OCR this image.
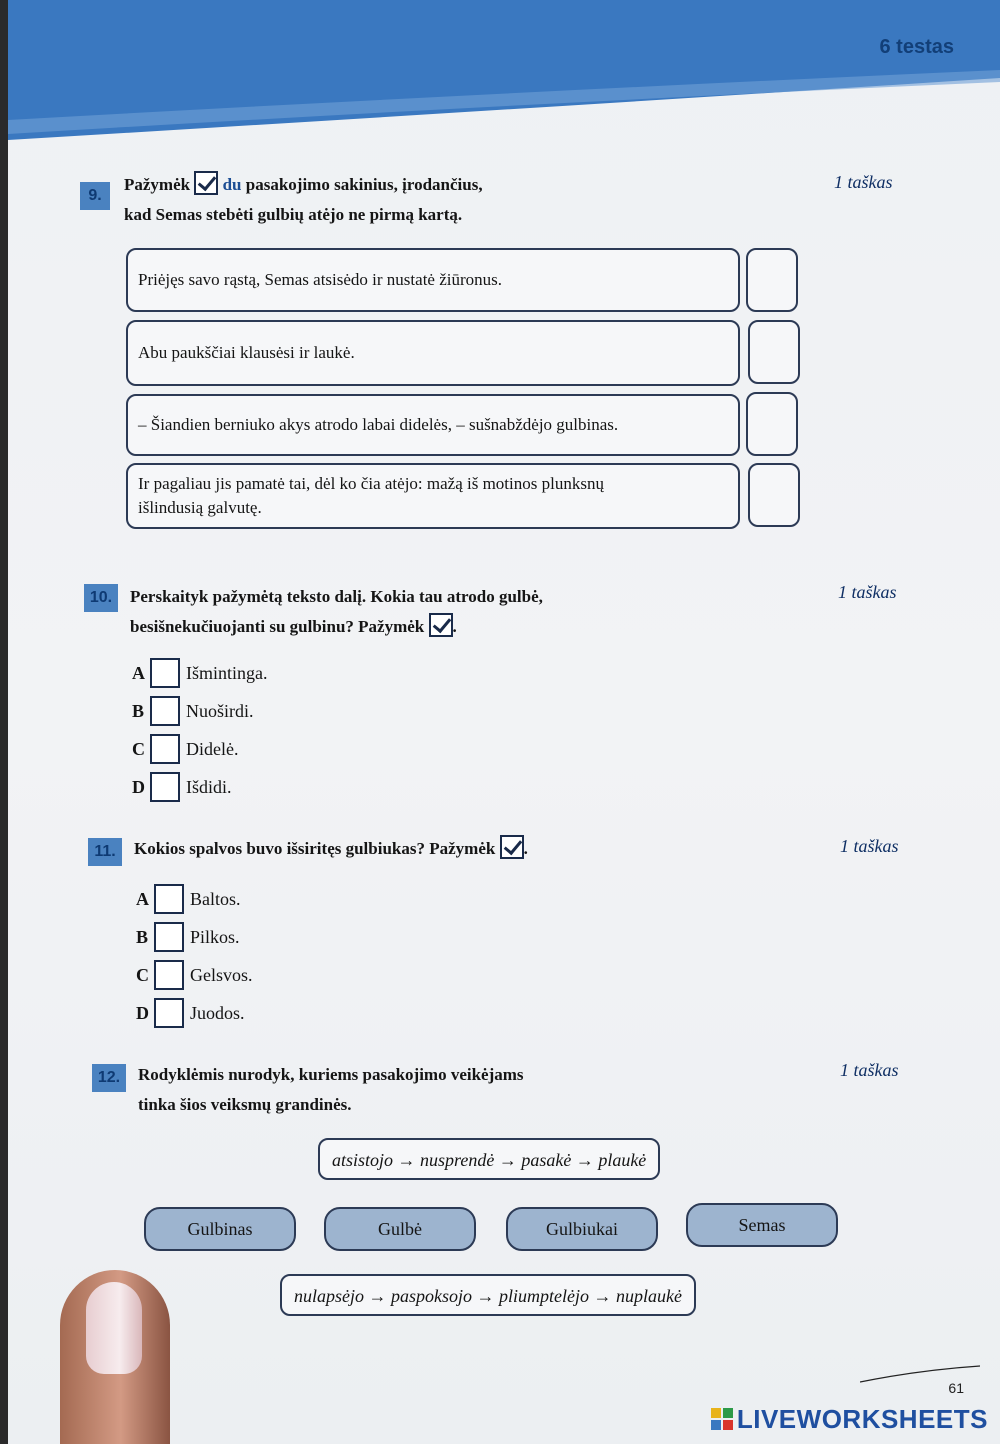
6 testas
9.
Pažymėk du pasakojimo sakinius, įrodančius,
kad Semas stebėti gulbių atėjo ne pirmą kartą.
1 taškas
Priėjęs savo rąstą, Semas atsisėdo ir nustatė žiūronus.
Abu paukščiai klausėsi ir laukė.
– Šiandien berniuko akys atrodo labai didelės, – sušnabždėjo gulbinas.
Ir pagaliau jis pamatė tai, dėl ko čia atėjo: mažą iš motinos plunksnų
išlindusią galvutę.
10.	Perskaityk pažymėtą teksto dalį. Kokia tau atrodo gulbė,
besišnekučiuojanti su gulbinu? Pažymėk .
1 taškas
A Išmintinga.
B	Nuoširdi.
C Didelė.
D Išdidi.
11.	Kokios spalvos buvo išsiritęs gulbiukas? Pažymėk .	1 taškas
A Baltos.
B	Pilkos.
C Gelsvos.
D Juodos.
12.	Rodyklėmis nurodyk, kuriems pasakojimo veikėjams
tinka šios veiksmų grandinės.
1 taškas
atsistojo → nusprendė → pasakė → plaukė
Gulbinas	Gulbė	Gulbiukai	Semas
nulapsėjo → paspoksojo → pliumptelėjo → nuplaukė
61
LIVEWORKSHEETS
